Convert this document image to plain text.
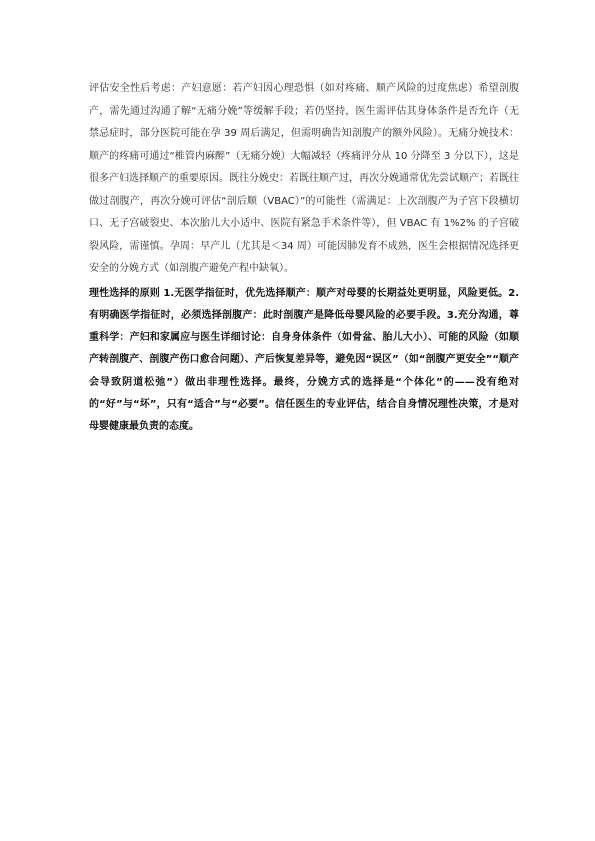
评估安全性后考虑：产妇意愿：若产妇因心理恐惧（如对疼痛、顺产风险的过度焦虑）希望剖腹产，需先通过沟通了解“无痛分娩”等缓解手段；若仍坚持，医生需评估其身体条件是否允许（无禁忌症时，部分医院可能在孕 39 周后满足，但需明确告知剖腹产的额外风险）。无痛分娩技术：顺产的疼痛可通过“椎管内麻醉”（无痛分娩）大幅减轻（疼痛评分从 10 分降至 3 分以下），这是很多产妇选择顺产的重要原因。既往分娩史：若既往顺产过，再次分娩通常优先尝试顺产；若既往做过剖腹产，再次分娩可评估“剖后顺（VBAC）”的可能性（需满足：上次剖腹产为子宫下段横切口、无子宫破裂史、本次胎儿大小适中、医院有紧急手术条件等），但 VBAC 有 1%2% 的子宫破裂风险，需谨慎。孕周：早产儿（尤其是＜34 周）可能因肺发育不成熟，医生会根据情况选择更安全的分娩方式（如剖腹产避免产程中缺氧）。

理性选择的原则 1.无医学指征时，优先选择顺产：顺产对母婴的长期益处更明显，风险更低。2.有明确医学指征时，必须选择剖腹产：此时剖腹产是降低母婴风险的必要手段。3.充分沟通，尊重科学：产妇和家属应与医生详细讨论：自身身体条件（如骨盆、胎儿大小）、可能的风险（如顺产转剖腹产、剖腹产伤口愈合问题）、产后恢复差异等，避免因“误区”（如“剖腹产更安全”“顺产会导致阴道松弛”）做出非理性选择。最终，分娩方式的选择是“个体化”的——没有绝对的“好”与“坏”，只有“适合”与“必要”。信任医生的专业评估，结合自身情况理性决策，才是对母婴健康最负责的态度。
